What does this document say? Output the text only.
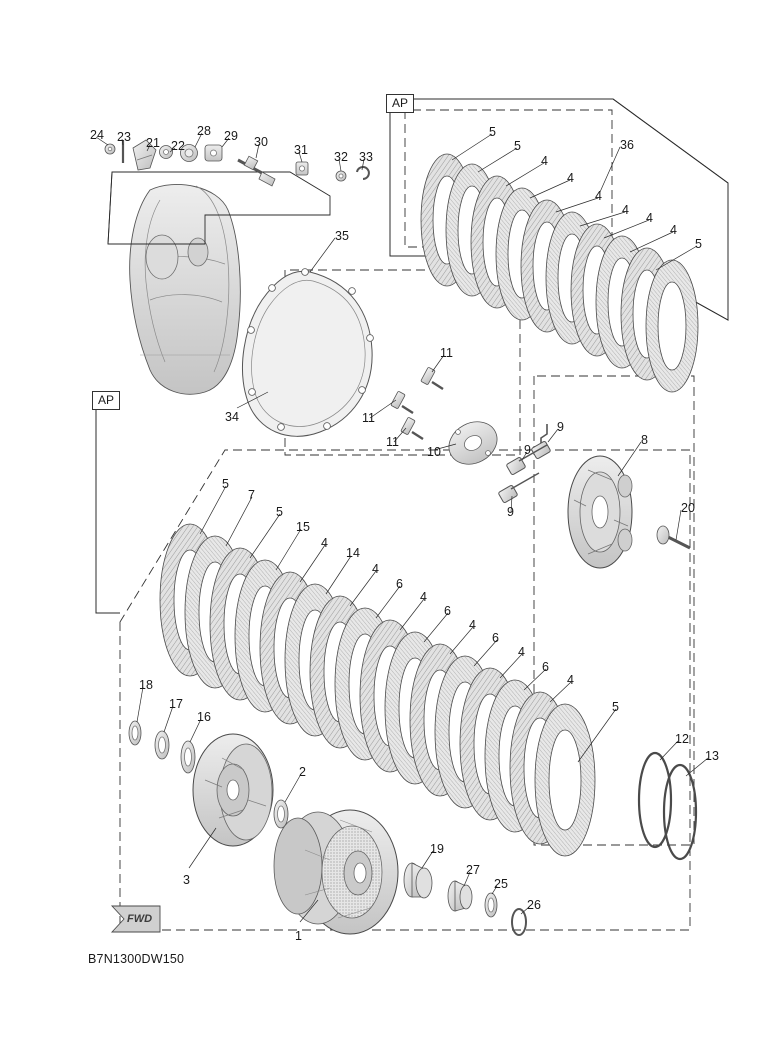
AP
AP
B7N1300DW150
FWD
24 23 21 22
28 29 30
31 32 33
35
34
36
5
5
4
4
4
4
4
4
5
11
11
11
10
9
9
9
8
20
5
7
5
15
4
14
4
6
4
6
4
6
4
6
4
5
18
17
16
2
3
1
19
27
25
26
12
13
